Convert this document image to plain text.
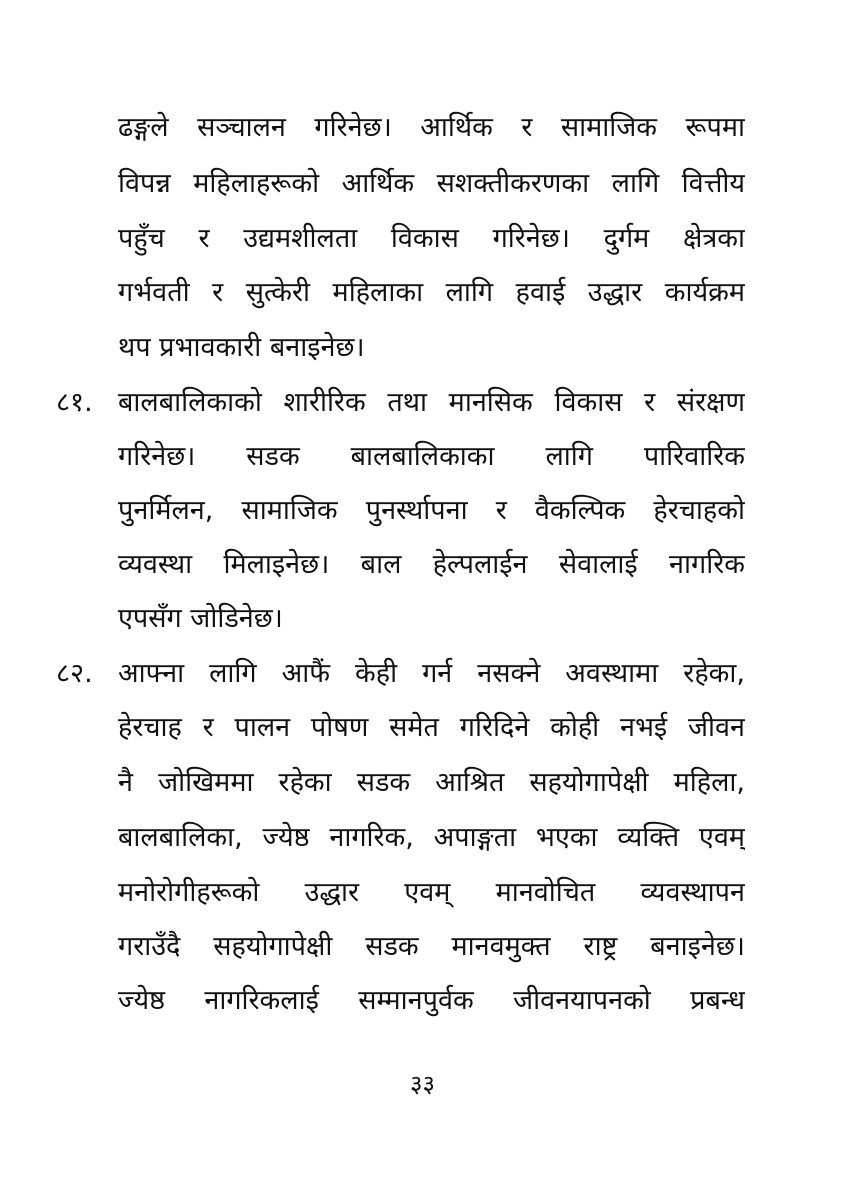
ढङ्गले सञ्चालन गरिनेछ। आर्थिक र सामाजिक रूपमा
विपन्न महिलाहरूको आर्थिक सशक्तीकरणका लागि वित्तीय
पहुँच र उद्यमशीलता विकास गरिनेछ। दुर्गम क्षेत्रका
गर्भवती र सुत्केरी महिलाका लागि हवाई उद्धार कार्यक्रम
थप प्रभावकारी बनाइनेछ।
८१. बालबालिकाको शारीरिक तथा मानसिक विकास र संरक्षण
गरिनेछ। सडक बालबालिकाका लागि पारिवारिक
पुनर्मिलन, सामाजिक पुनर्स्थापना र वैकल्पिक हेरचाहको
व्यवस्था मिलाइनेछ। बाल हेल्पलाईन सेवालाई नागरिक
एपसँग जोडिनेछ।
८२. आफ्ना लागि आफैं केही गर्न नसक्ने अवस्थामा रहेका,
हेरचाह र पालन पोषण समेत गरिदिने कोही नभई जीवन
नै जोखिममा रहेका सडक आश्रित सहयोगापेक्षी महिला,
बालबालिका, ज्येष्ठ नागरिक, अपाङ्गता भएका व्यक्ति एवम्
मनोरोगीहरूको उद्धार एवम् मानवोचित व्यवस्थापन
गराउँदै सहयोगापेक्षी सडक मानवमुक्त राष्ट्र बनाइनेछ।
ज्येष्ठ नागरिकलाई सम्मानपुर्वक जीवनयापनको प्रबन्ध
३३
